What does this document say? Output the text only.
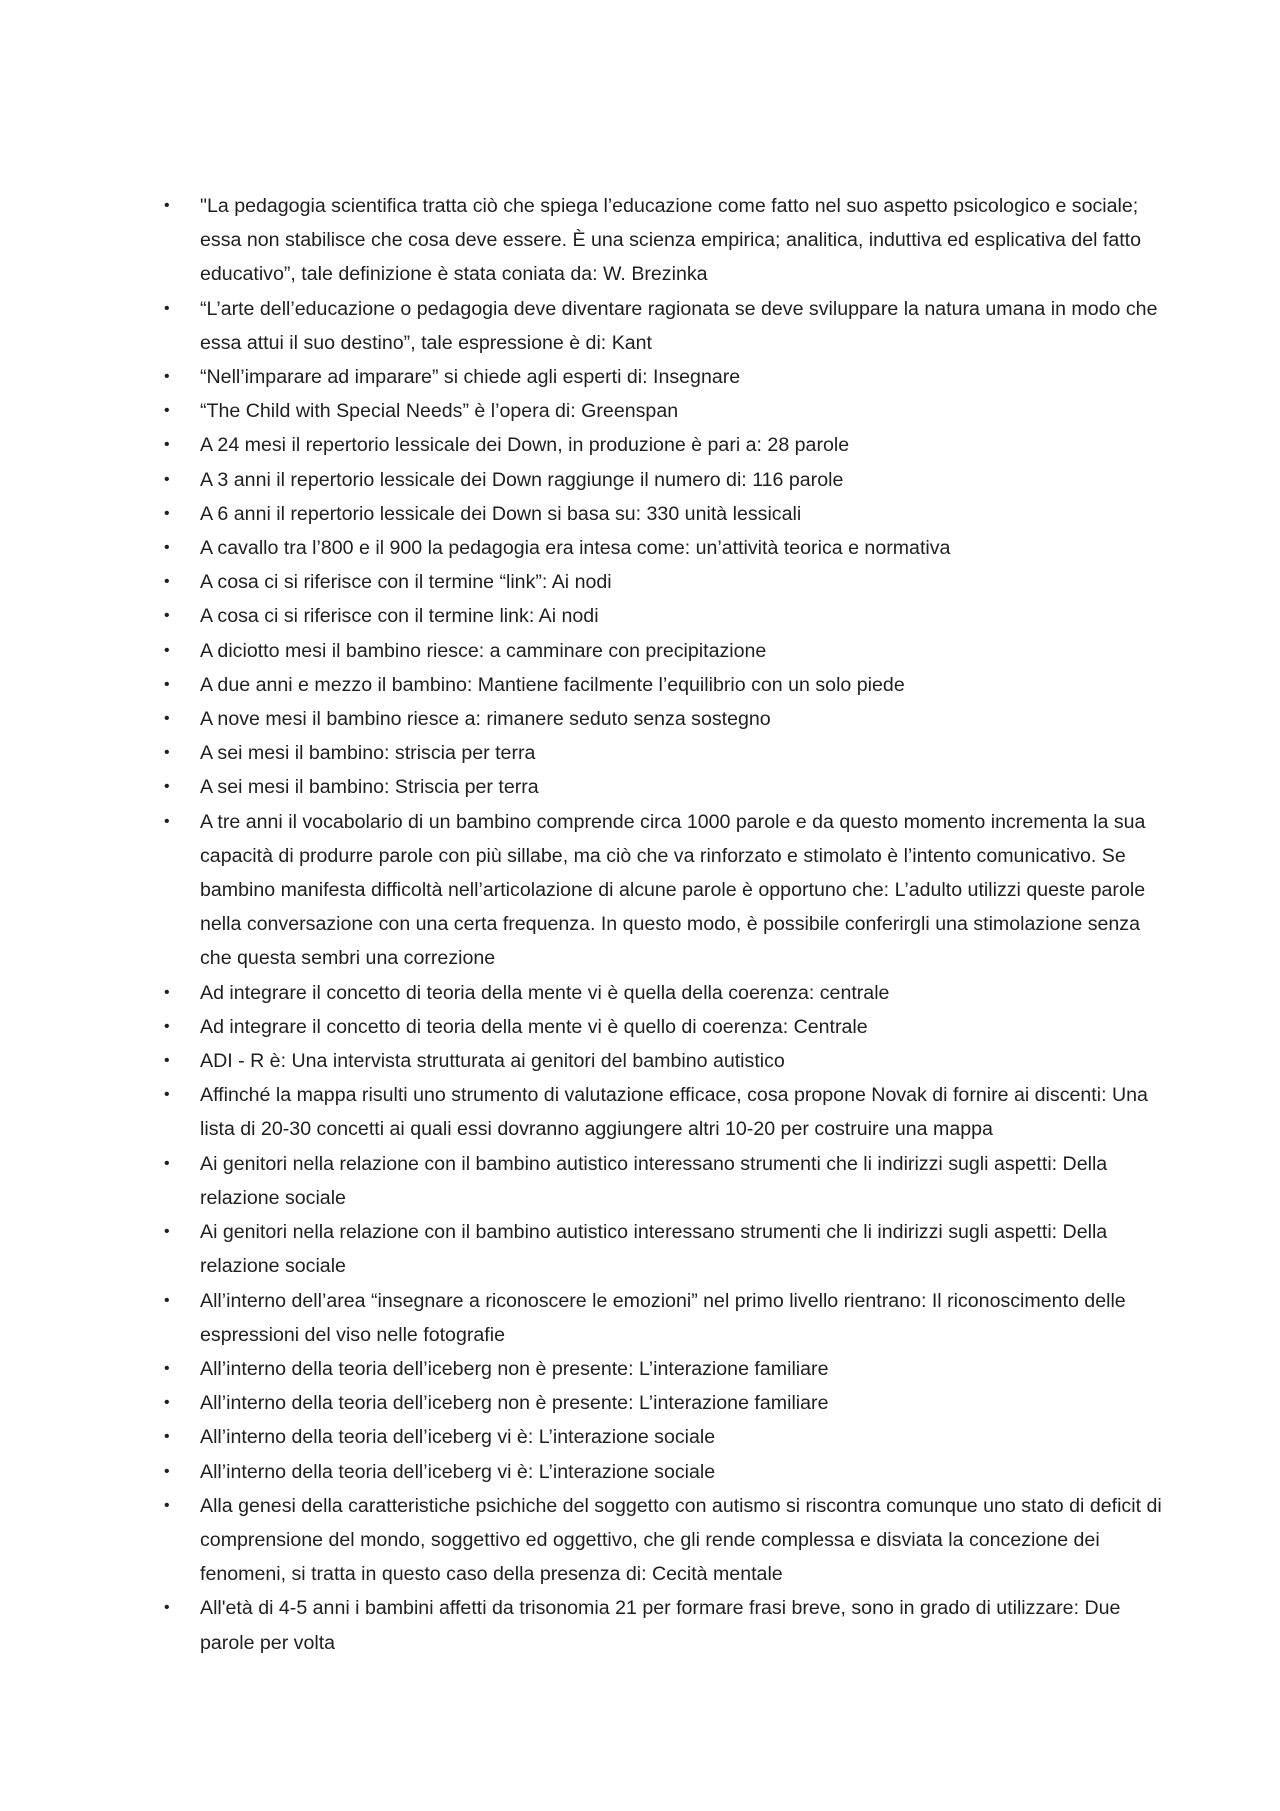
• "La pedagogia scientifica tratta ciò che spiega l’educazione come fatto nel suo aspetto psicologico e sociale; essa non stabilisce che cosa deve essere. È una scienza empirica; analitica, induttiva ed esplicativa del fatto educativo”, tale definizione è stata coniata da: W. Brezinka
• “L’arte dell’educazione o pedagogia deve diventare ragionata se deve sviluppare la natura umana in modo che essa attui il suo destino”, tale espressione è di: Kant
• “Nell’imparare ad imparare” si chiede agli esperti di: Insegnare
• “The Child with Special Needs” è l’opera di: Greenspan
• A 24 mesi il repertorio lessicale dei Down, in produzione è pari a: 28 parole
• A 3 anni il repertorio lessicale dei Down raggiunge il numero di: 116 parole
• A 6 anni il repertorio lessicale dei Down si basa su: 330 unità lessicali
• A cavallo tra l’800 e il 900 la pedagogia era intesa come: un’attività teorica e normativa
• A cosa ci si riferisce con il termine “link”: Ai nodi
• A cosa ci si riferisce con il termine link: Ai nodi
• A diciotto mesi il bambino riesce: a camminare con precipitazione
• A due anni e mezzo il bambino: Mantiene facilmente l’equilibrio con un solo piede
• A nove mesi il bambino riesce a: rimanere seduto senza sostegno
• A sei mesi il bambino: striscia per terra
• A sei mesi il bambino: Striscia per terra
• A tre anni il vocabolario di un bambino comprende circa 1000 parole e da questo momento incrementa la sua capacità di produrre parole con più sillabe, ma ciò che va rinforzato e stimolato è l’intento comunicativo. Se bambino manifesta difficoltà nell’articolazione di alcune parole è opportuno che: L’adulto utilizzi queste parole nella conversazione con una certa frequenza. In questo modo, è possibile conferirgli una stimolazione senza che questa sembri una correzione
• Ad integrare il concetto di teoria della mente vi è quella della coerenza: centrale
• Ad integrare il concetto di teoria della mente vi è quello di coerenza: Centrale
• ADI - R è: Una intervista strutturata ai genitori del bambino autistico
• Affinché la mappa risulti uno strumento di valutazione efficace, cosa propone Novak di fornire ai discenti: Una lista di 20-30 concetti ai quali essi dovranno aggiungere altri 10-20 per costruire una mappa
• Ai genitori nella relazione con il bambino autistico interessano strumenti che li indirizzi sugli aspetti: Della relazione sociale
• Ai genitori nella relazione con il bambino autistico interessano strumenti che li indirizzi sugli aspetti: Della relazione sociale
• All’interno dell’area “insegnare a riconoscere le emozioni” nel primo livello rientrano: Il riconoscimento delle espressioni del viso nelle fotografie
• All’interno della teoria dell’iceberg non è presente: L’interazione familiare
• All’interno della teoria dell’iceberg non è presente: L’interazione familiare
• All’interno della teoria dell’iceberg vi è: L’interazione sociale
• All’interno della teoria dell’iceberg vi è: L’interazione sociale
• Alla genesi della caratteristiche psichiche del soggetto con autismo si riscontra comunque uno stato di deficit di comprensione del mondo, soggettivo ed oggettivo, che gli rende complessa e disviata la concezione dei fenomeni, si tratta in questo caso della presenza di: Cecità mentale
• All'età di 4-5 anni i bambini affetti da trisonomia 21 per formare frasi breve, sono in grado di utilizzare: Due parole per volta
